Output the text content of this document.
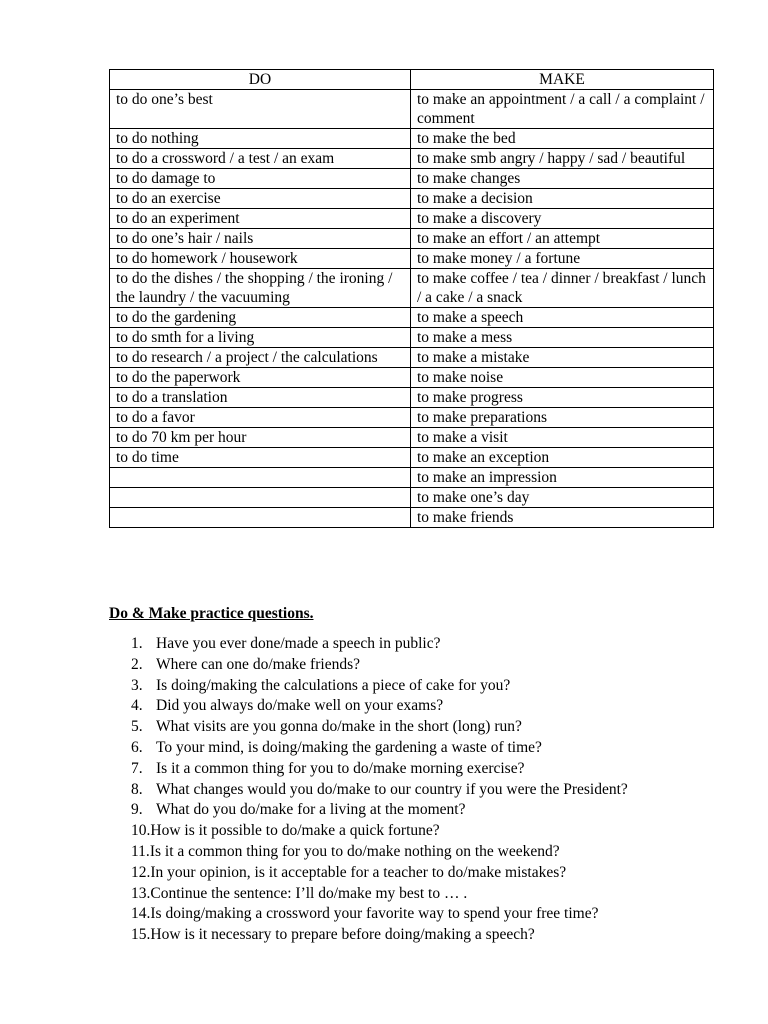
DO	MAKE
to do one’s best	to make an appointment / a call / a complaint / comment
to do nothing	to make the bed
to do a crossword / a test / an exam	to make smb angry / happy / sad / beautiful
to do damage to	to make changes
to do an exercise	to make a decision
to do an experiment	to make a discovery
to do one’s hair / nails	to make an effort / an attempt
to do homework / housework	to make money / a fortune
to do the dishes / the shopping / the ironing / the laundry / the vacuuming	to make coffee / tea / dinner / breakfast / lunch / a cake / a snack
to do the gardening	to make a speech
to do smth for a living	to make a mess
to do research / a project / the calculations	to make a mistake
to do the paperwork	to make noise
to do a translation	to make progress
to do a favor	to make preparations
to do 70 km per hour	to make a visit
to do time	to make an exception
	to make an impression
	to make one’s day
	to make friends

Do & Make practice questions.

1. Have you ever done/made a speech in public?
2. Where can one do/make friends?
3. Is doing/making the calculations a piece of cake for you?
4. Did you always do/make well on your exams?
5. What visits are you gonna do/make in the short (long) run?
6. To your mind, is doing/making the gardening a waste of time?
7. Is it a common thing for you to do/make morning exercise?
8. What changes would you do/make to our country if you were the President?
9. What do you do/make for a living at the moment?
10.How is it possible to do/make a quick fortune?
11.Is it a common thing for you to do/make nothing on the weekend?
12.In your opinion, is it acceptable for a teacher to do/make mistakes?
13.Continue the sentence: I’ll do/make my best to … .
14.Is doing/making a crossword your favorite way to spend your free time?
15.How is it necessary to prepare before doing/making a speech?
